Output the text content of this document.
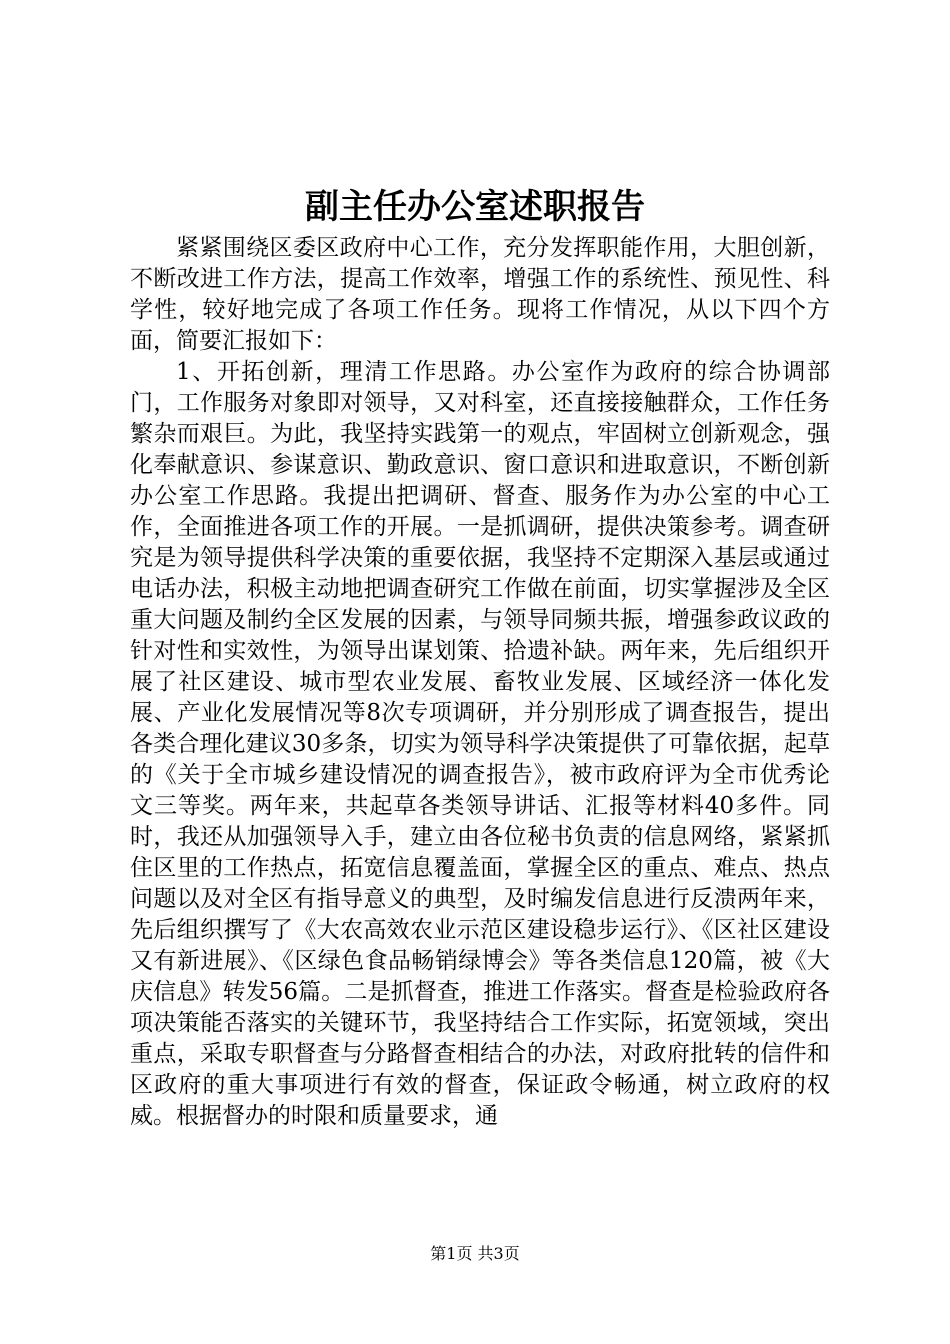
副主任办公室述职报告

紧紧围绕区委区政府中心工作，充分发挥职能作用，大胆创新，不断改进工作方法，提高工作效率，增强工作的系统性、预见性、科学性，较好地完成了各项工作任务。现将工作情况，从以下四个方面，简要汇报如下：

1、开拓创新，理清工作思路。办公室作为政府的综合协调部门，工作服务对象即对领导，又对科室，还直接接触群众，工作任务繁杂而艰巨。为此，我坚持实践第一的观点，牢固树立创新观念，强化奉献意识、参谋意识、勤政意识、窗口意识和进取意识，不断创新办公室工作思路。我提出把调研、督查、服务作为办公室的中心工作，全面推进各项工作的开展。一是抓调研，提供决策参考。调查研究是为领导提供科学决策的重要依据，我坚持不定期深入基层或通过电话办法，积极主动地把调查研究工作做在前面，切实掌握涉及全区重大问题及制约全区发展的因素，与领导同频共振，增强参政议政的针对性和实效性，为领导出谋划策、拾遗补缺。两年来，先后组织开展了社区建设、城市型农业发展、畜牧业发展、区域经济一体化发展、产业化发展情况等8次专项调研，并分别形成了调查报告，提出各类合理化建议30多条，切实为领导科学决策提供了可靠依据，起草的《关于全市城乡建设情况的调查报告》，被市政府评为全市优秀论文三等奖。两年来，共起草各类领导讲话、汇报等材料40多件。同时，我还从加强领导入手，建立由各位秘书负责的信息网络，紧紧抓住区里的工作热点，拓宽信息覆盖面，掌握全区的重点、难点、热点问题以及对全区有指导意义的典型，及时编发信息进行反溃两年来，先后组织撰写了《大农高效农业示范区建设稳步运行》、《区社区建设又有新进展》、《区绿色食品畅销绿博会》等各类信息120篇，被《大庆信息》转发56篇。二是抓督查，推进工作落实。督查是检验政府各项决策能否落实的关键环节，我坚持结合工作实际，拓宽领域，突出重点，采取专职督查与分路督查相结合的办法，对政府批转的信件和区政府的重大事项进行有效的督查，保证政令畅通，树立政府的权威。根据督办的时限和质量要求，通

第1页 共3页
